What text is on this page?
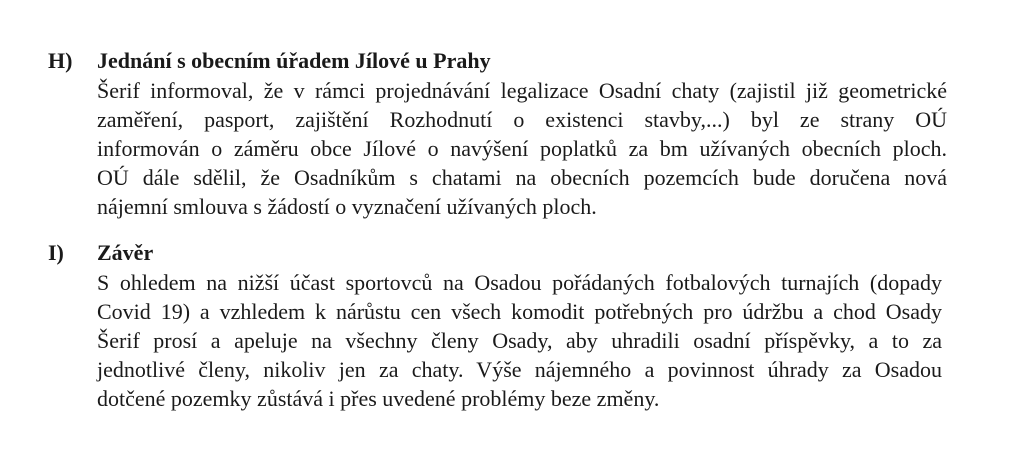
H) Jednání s obecním úřadem Jílové u Prahy
Šerif informoval, že v rámci projednávání legalizace Osadní chaty (zajistil již geometrické
zaměření, pasport, zajištění Rozhodnutí o existenci stavby,...) byl ze strany OÚ
informován o záměru obce Jílové o navýšení poplatků za bm užívaných obecních ploch.
OÚ dále sdělil, že Osadníkům s chatami na obecních pozemcích bude doručena nová
nájemní smlouva s žádostí o vyznačení užívaných ploch.
I) Závěr
S ohledem na nižší účast sportovců na Osadou pořádaných fotbalových turnajích (dopady
Covid 19) a vzhledem k nárůstu cen všech komodit potřebných pro údržbu a chod Osady
Šerif prosí a apeluje na všechny členy Osady, aby uhradili osadní příspěvky, a to za
jednotlivé členy, nikoliv jen za chaty. Výše nájemného a povinnost úhrady za Osadou
dotčené pozemky zůstává i přes uvedené problémy beze změny.
